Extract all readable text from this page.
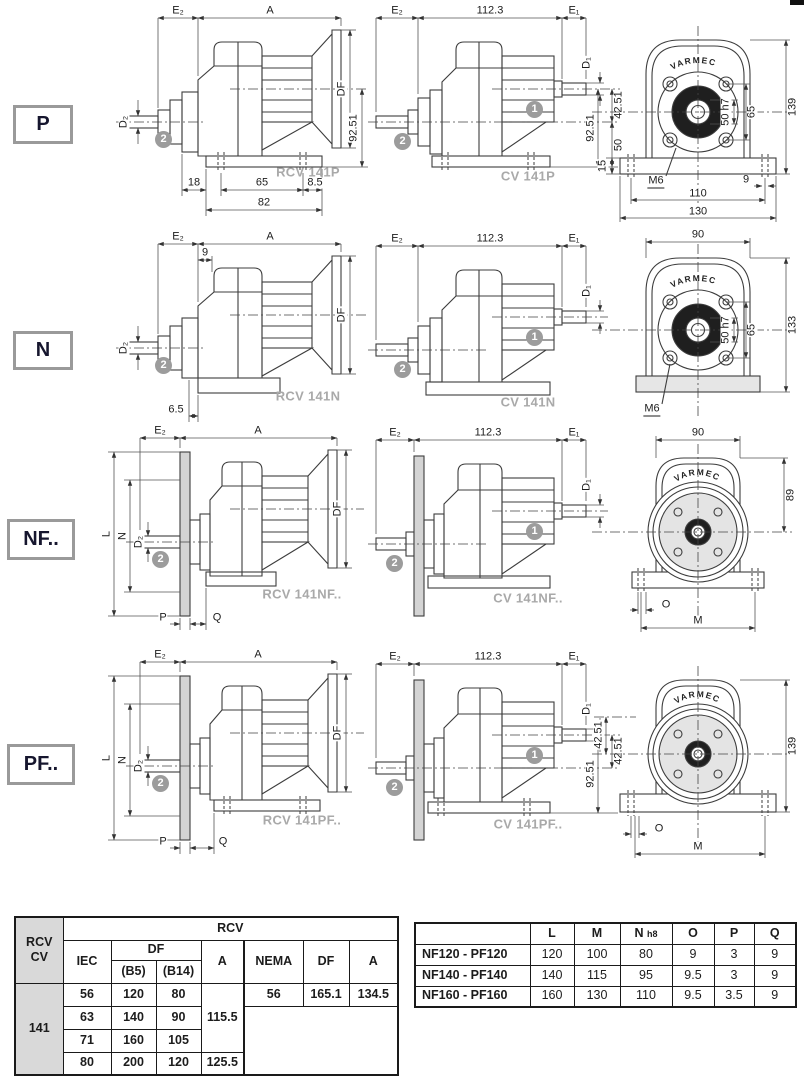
P
N
NF..
PF..
E₂	A
D₂
DF
92.51
18	65	8.5
82
RCV 141P
2
E₂	112.3	E₁
D₁
92.51
42.51
50
CV 141P
2
1
VARMEC
139
65
50 h7
15
M6	9
110
130
E₂	A
9
D₂
DF
6.5
RCV 141N
2
E₂	112.3	E₁
D₁
CV 141N
2
1
VARMEC
90
133
65
50 h7
M6
E₂	A
L N D₂
DF
P	Q
RCV 141NF..
2
E₂	112.3	E₁
D₁
CV 141NF..
2
1
VARMEC
90
89
O
M
E₂	A
L N D₂
DF
P	Q
RCV 141PF..
2
E₂	112.3	E₁
D₁
92.51
42.51
CV 141PF..
2
1
VARMEC
139
42.51
O
M
RCV
CV	RCV						
	IEC	DF		A	NEMA	DF	A
		(B5)	(B14)				
141	56	120	80	115.5	56	165.1	134.5
	63	140	90				
	71	160	105				
	80	200	120	125.5			
	L	M	N h8	O	P	Q
NF120 - PF120	120	100	80	9	3	9
NF140 - PF140	140	115	95	9.5	3	9
NF160 - PF160	160	130	110	9.5	3.5	9
